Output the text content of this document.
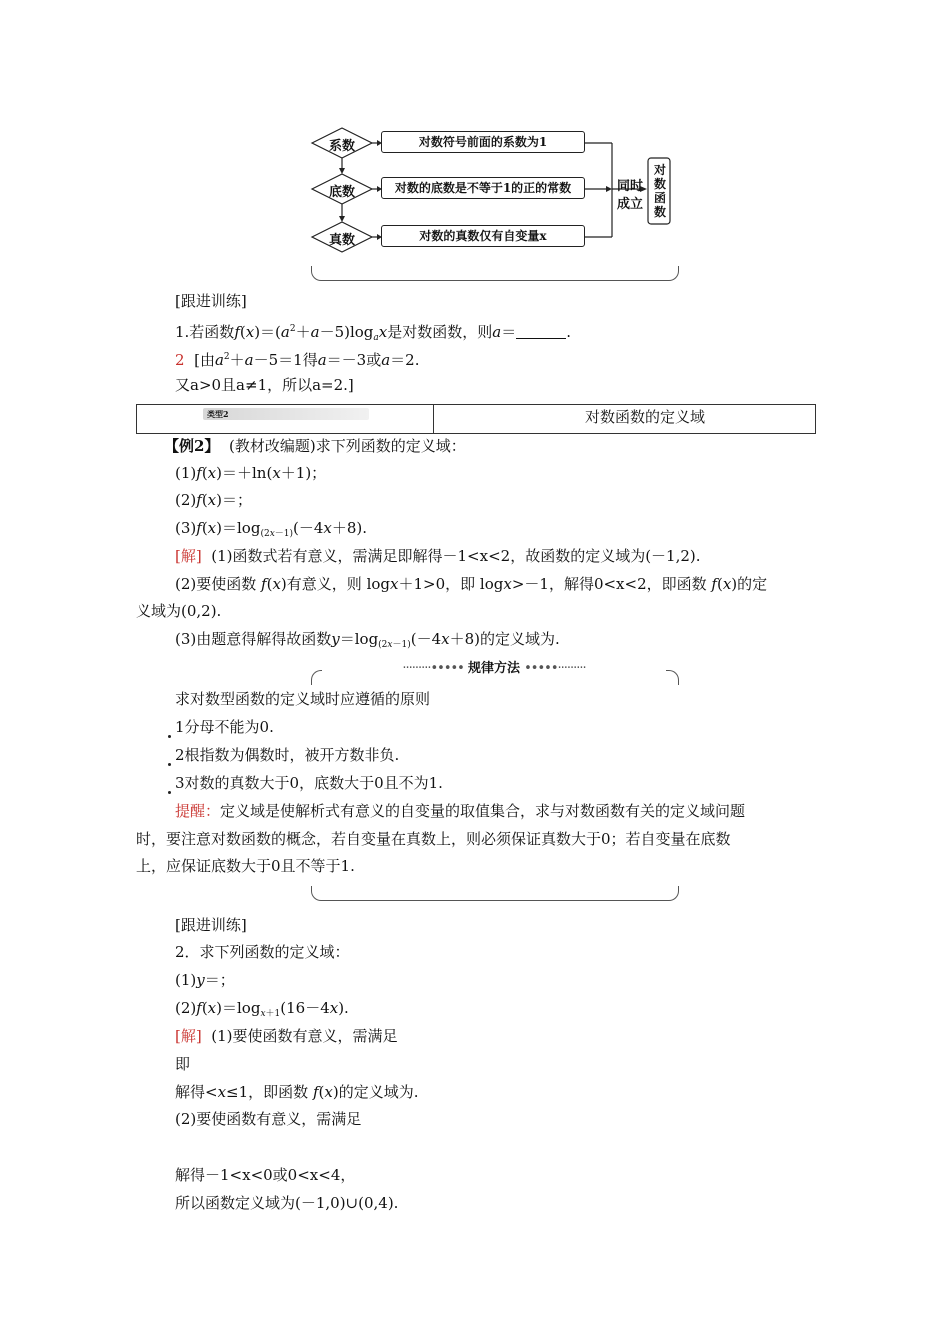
系数
底数
真数
对数符号前面的系数为1
对数的底数是不等于1的正的常数
对数的真数仅有自变量x
同时
成立
对
数
函
数
[跟进训练]
1.若函数$f(x)=(a^2+a-5)\log_ax$是对数函数，则a＝	.
2 [由$a^2+a-5=1$得a＝－3或a＝2.
又a>0且a≠1，所以a=2.]
类型2	对数函数的定义域
【例2】 (教材改编题)求下列函数的定义域：
(1)f(x)＝＋ln(x＋1)；
(2)f(x)＝；
$(3)f(x)=\log_{(2x-1)}(-4x+8)$.
[解] (1)函数式若有意义，需满足即解得－1<x<2，故函数的定义域为(－1,2).
(2)要使函数 f(x)有意义，则 logx＋1>0，即 logx>－1，解得0<x<2，即函数 f(x)的定
义域为(0,2).
(3)由题意得解得故函数$y=\log_{(2x-1)}(-4x+8)$的定义域为.
·········••••• 规律方法 •••••·········
求对数型函数的定义域时应遵循的原则
1分母不能为0.
2根指数为偶数时，被开方数非负.
3对数的真数大于0，底数大于0且不为1.
提醒：定义域是使解析式有意义的自变量的取值集合，求与对数函数有关的定义域问题
时，要注意对数函数的概念，若自变量在真数上，则必须保证真数大于0；若自变量在底数
上，应保证底数大于0且不等于1.
[跟进训练]
2．求下列函数的定义域：
(1)y＝；
$(2)f(x)=\log_{x+1}(16-4x)$.
[解] (1)要使函数有意义，需满足
即
解得<x≤1，即函数 f(x)的定义域为.
(2)要使函数有意义，需满足
解得－1<x<0或0<x<4，
所以函数定义域为(－1,0)∪(0,4).
